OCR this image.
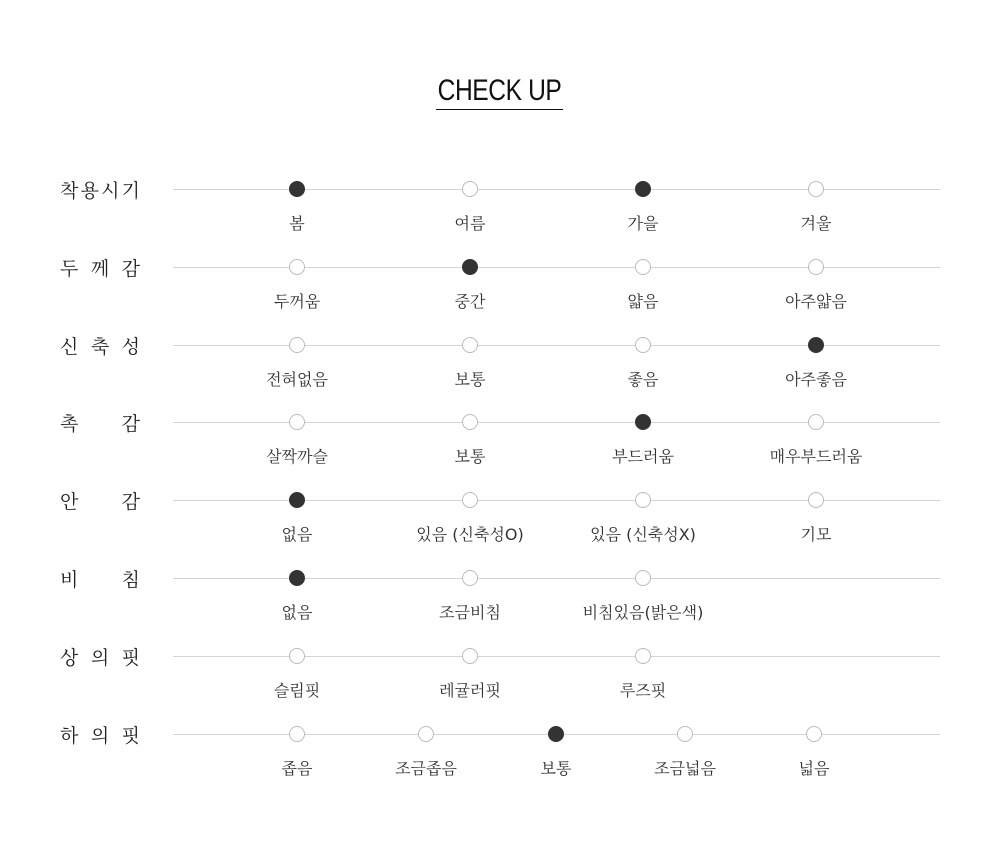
CHECK UP
착 용 시 기
봄	여름	가을	겨울
두 께 감
두꺼움	중간	얇음	아주얇음
신 축 성
전혀없음	보통	좋음	아주좋음
촉 감
살짝까슬	보통	부드러움	매우부드러움
안 감
없음	있음 (신축성O)	있음 (신축성X)	기모
비 침
없음	조금비침	비침있음(밝은색)
상 의 핏
슬림핏	레귤러핏	루즈핏
하 의 핏
좁음	조금좁음	보통	조금넓음	넓음
